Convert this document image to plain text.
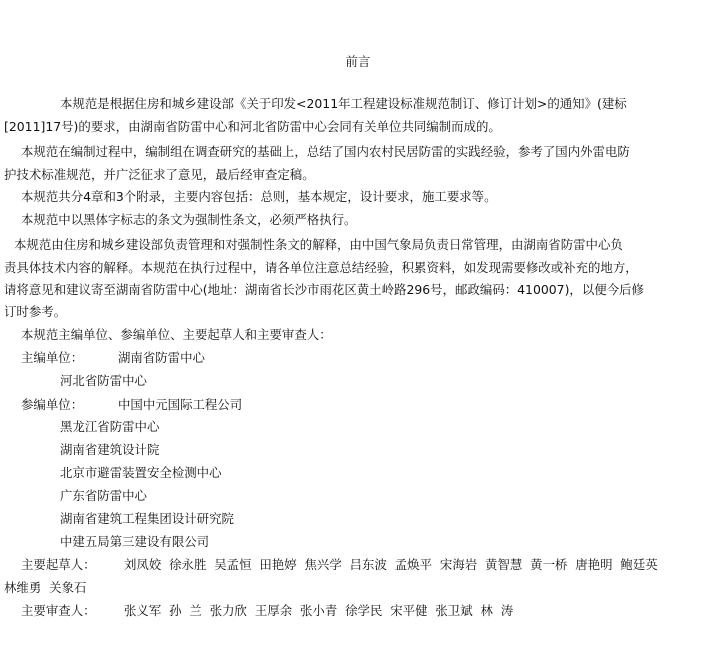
前言
本规范是根据住房和城乡建设部《关于印发<2011年工程建设标准规范制订、修订计划>的通知》(建标
[2011]17号)的要求，由湖南省防雷中心和河北省防雷中心会同有关单位共同编制而成的。
本规范在编制过程中，编制组在调查研究的基础上，总结了国内农村民居防雷的实践经验，参考了国内外雷电防
护技术标准规范，并广泛征求了意见，最后经审查定稿。
本规范共分4章和3个附录，主要内容包括：总则，基本规定，设计要求，施工要求等。
本规范中以黑体字标志的条文为强制性条文，必须严格执行。
本规范由住房和城乡建设部负责管理和对强制性条文的解释，由中国气象局负责日常管理，由湖南省防雷中心负
责具体技术内容的解释。本规范在执行过程中，请各单位注意总结经验，积累资料，如发现需要修改或补充的地方，
请将意见和建议寄至湖南省防雷中心(地址：湖南省长沙市雨花区黄土岭路296号，邮政编码：410007)，以便今后修
订时参考。
本规范主编单位、参编单位、主要起草人和主要审查人：
主编单位：	湖南省防雷中心
河北省防雷中心
参编单位：	中国中元国际工程公司
黑龙江省防雷中心
湖南省建筑设计院
北京市避雷装置安全检测中心
广东省防雷中心
湖南省建筑工程集团设计研究院
中建五局第三建设有限公司
主要起草人：	刘凤姣  徐永胜  吴孟恒  田艳婷  焦兴学  吕东波  孟焕平  宋海岩  黄智慧  黄一桥  唐艳明  鲍廷英
林维勇  关象石
主要审查人：	张义军  孙  兰  张力欣  王厚余  张小青  徐学民  宋平健  张卫斌  林  涛
